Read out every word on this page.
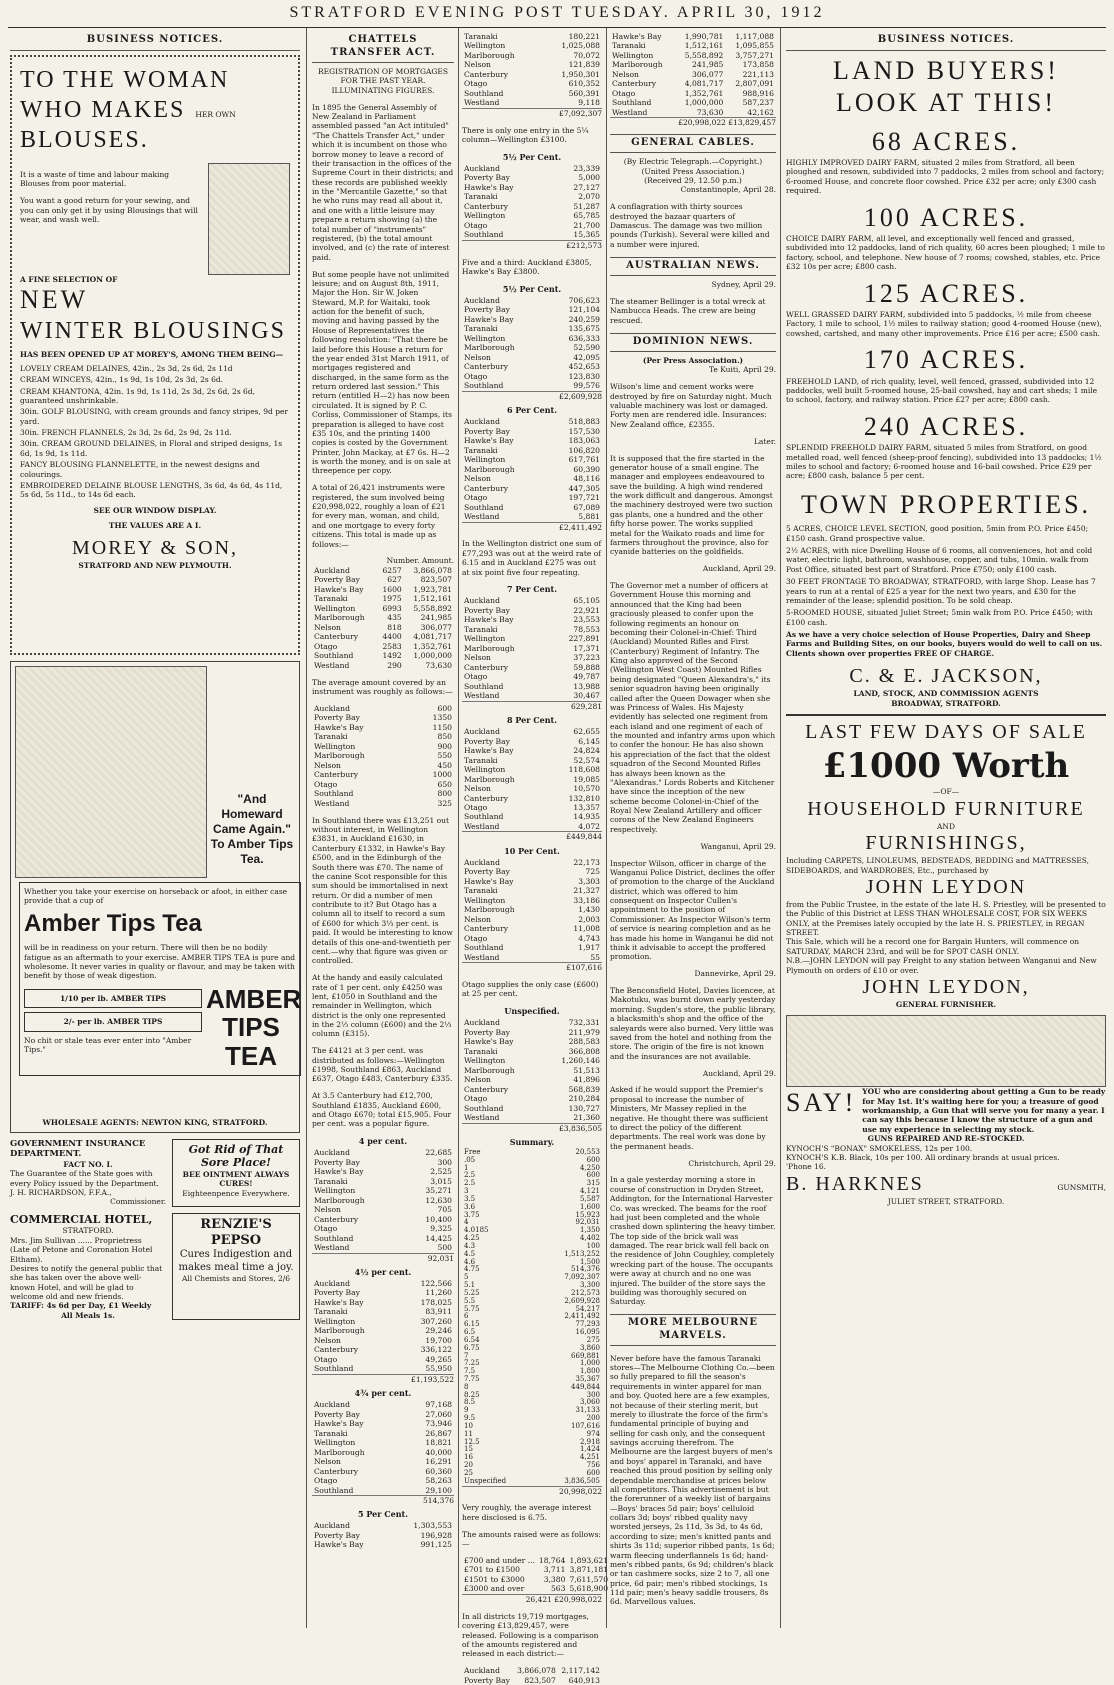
STRATFORD EVENING POST TUESDAY. APRIL 30, 1912
BUSINESS NOTICES.
TO THE WOMAN
WHO MAKES HER OWN
BLOUSES.

It is a waste of time and labour making Blouses from poor material.

You want a good return for your sewing, and you can only get it by using Blousings that will wear, and wash well.

A FINE SELECTION OF
NEW
WINTER BLOUSINGS
HAS BEEN OPENED UP AT MOREY'S, AMONG THEM BEING—

LOVELY CREAM DELAINES, 42in., 2s 3d, 2s 6d, 2s 11d

CREAM WINCEYS, 42in., 1s 9d, 1s 10d, 2s 3d, 2s 6d.

CREAM KHANTONA, 42in. 1s 9d, 1s 11d, 2s 3d, 2s 6d, 2s 6d, guaranteed unshrinkable.

30in. GOLF BLOUSING, with cream grounds and fancy stripes, 9d per yard.

30in. FRENCH FLANNELS, 2s 3d, 2s 6d, 2s 9d, 2s 11d.

30in. CREAM GROUND DELAINES, in Floral and striped designs, 1s 6d, 1s 9d, 1s 11d.

FANCY BLOUSING FLANNELETTE, in the newest designs and colourings.

EMBROIDERED DELAINE BLOUSE LENGTHS, 3s 6d, 4s 6d, 4s 11d, 5s 6d, 5s 11d., to 14s 6d each.

SEE OUR WINDOW DISPLAY.
THE VALUES ARE A I.
MOREY & SON,
STRATFORD AND NEW PLYMOUTH.
"And Homeward Came Again." To Amber Tips Tea.
Whether you take your exercise on horseback or afoot, in either case provide that a cup of
Amber Tips Tea
will be in readiness on your return. There will then be no bodily fatigue as an aftermath to your exercise. AMBER TIPS TEA is pure and wholesome. It never varies in quality or flavour, and may be taken with benefit by those of weak digestion.
1/10 per lb. AMBER TIPS
2/- per lb. AMBER TIPS
No chit or stale teas ever enter into "Amber Tips."
AMBER TIPS TEA
WHOLESALE AGENTS: NEWTON KING, STRATFORD.
GOVERNMENT INSURANCE DEPARTMENT.
FACT NO. I.
The Guarantee of the State goes with every Policy issued by the Department.
J. H. RICHARDSON, F.F.A.,
Commissioner.
Got Rid of That Sore Place!
BEE OINTMENT ALWAYS CURES!
Eighteenpence Everywhere.
COMMERCIAL HOTEL,
STRATFORD.
Mrs. Jim Sullivan ...... Proprietress
(Late of Petone and Coronation Hotel Eltham).
Desires to notify the general public that she has taken over the above well-known Hotel, and will be glad to welcome old and new friends.
TARIFF: 4s 6d per Day, £1 Weekly
All Meals 1s.
RENZIE'S PEPSO
Cures Indigestion and makes meal time a joy.
All Chemists and Stores, 2/6
CHATTELS TRANSFER ACT.
REGISTRATION OF MORTGAGES FOR THE PAST YEAR.
ILLUMINATING FIGURES.

In 1895 the General Assembly of New Zealand in Parliament assembled passed "an Act intituled" "The Chattels Transfer Act," under which it is incumbent on those who borrow money to leave a record of their transaction in the offices of the Supreme Court in their districts; and these records are published weekly in the "Mercantile Gazette," so that he who runs may read all about it, and one with a little leisure may prepare a return showing (a) the total number of "instruments" registered, (b) the total amount involved, and (c) the rate of interest paid.

But some people have not unlimited leisure; and on August 8th, 1911, Major the Hon. Sir W. Joken Steward, M.P. for Waitaki, took action for the benefit of such, moving and having passed by the House of Representatives the following resolution: "That there be laid before this House a return for the year ended 31st March 1911, of mortgages registered and discharged, in the same form as the return ordered last session." This return (entitled H—2) has now been circulated. It is signed by P. C. Corliss, Commissioner of Stamps, its preparation is alleged to have cost £35 10s, and the printing 1400 copies is costed by the Government Printer, John Mackay, at £7 6s. H—2 is worth the money, and is on sale at threepence per copy.

A total of 26,421 instruments were registered, the sum involved being £20,998,022, roughly a loan of £21 for every man, woman, and child, and one mortgage to every forty citizens. This total is made up as follows:—

Number. Amount.
Auckland	6257	3,866,078
Poverty Bay	627	823,507
Hawke's Bay	1600	1,923,781
Taranaki	1975	1,512,161
Wellington	6993	5,558,892
Marlborough	435	241,985
Nelson	818	306,077
Canterbury	4400	4,081,717
Otago	2583	1,352,761
Southland	1492	1,000,000
Westland	290	73,630

The average amount covered by an instrument was roughly as follows:—

Auckland	600
Poverty Bay	1350
Hawke's Bay	1150
Taranaki	850
Wellington	900
Marlborough	550
Nelson	450
Canterbury	1000
Otago	650
Southland	800
Westland	325

In Southland there was £13,251 out without interest, in Wellington £3831, in Auckland £1630, in Canterbury £1332, in Hawke's Bay £500, and in the Edinburgh of the South there was £70. The name of the canine Scot responsible for this sum should be immortalised in next return. Or did a number of men contribute to it? But Otago has a column all to itself to record a sum of £600 for which 3⅓ per cent. is paid. It would be interesting to know details of this one-and-twentieth per cent.—why that figure was given or controlled.

At the handy and easily calculated rate of 1 per cent. only £4250 was lent, £1050 in Southland and the remainder in Wellington, which district is the only one represented in the 2⅓ column (£600) and the 2⅓ column (£315).

The £4121 at 3 per cent. was distributed as follows:—Wellington £1998, Southland £863, Auckland £637, Otago £483, Canterbury £335.

At 3.5 Canterbury had £12,700, Southland £1835, Auckland £600, and Otago £670; total £15,905. Four per cent. was a popular figure.

4 per cent.
Auckland	22,685
Poverty Bay	300
Hawke's Bay	2,525
Taranaki	3,015
Wellington	35,271
Marlborough	12,630
Nelson	705
Canterbury	10,400
Otago	9,325
Southland	14,425
Westland	500
92,031
4½ per cent.
Auckland	122,566
Poverty Bay	11,260
Hawke's Bay	178,025
Taranaki	83,911
Wellington	307,260
Marlborough	29,246
Nelson	19,700
Canterbury	336,122
Otago	49,265
Southland	55,950
£1,193,522
4¾ per cent.
Auckland	97,168
Poverty Bay	27,060
Hawke's Bay	73,946
Taranaki	26,867
Wellington	18,821
Marlborough	40,000
Nelson	16,291
Canterbury	60,360
Otago	58,263
Southland	29,100
514,376
5 Per Cent.
Auckland	1,303,553
Poverty Bay	196,928
Hawke's Bay	991,125
Taranaki	180,221
Wellington	1,025,088
Marlborough	70,072
Nelson	121,839
Canterbury	1,950,301
Otago	610,352
Southland	560,391
Westland	9,118
£7,092,307

There is only one entry in the 5¼ column—Wellington £3100.

5½ Per Cent.
Auckland	23,339
Poverty Bay	5,000
Hawke's Bay	27,127
Taranaki	2,070
Canterbury	51,287
Wellington	65,785
Otago	21,700
Southland	15,365
£212,573

Five and a third: Auckland £3805, Hawke's Bay £3800.

5½ Per Cent.
Auckland	706,623
Poverty Bay	121,104
Hawke's Bay	240,259
Taranaki	135,675
Wellington	636,333
Marlborough	52,590
Nelson	42,095
Canterbury	452,653
Otago	123,830
Southland	99,576
£2,609,928
6 Per Cent.
Auckland	518,883
Poverty Bay	157,530
Hawke's Bay	183,063
Taranaki	106,820
Wellington	617,761
Marlborough	60,390
Nelson	48,116
Canterbury	447,305
Otago	197,721
Southland	67,089
Westland	5,881
£2,411,492

In the Wellington district one sum of £77,293 was out at the weird rate of 6.15 and in Auckland £275 was out at six point five four repeating.

7 Per Cent.
Auckland	65,105
Poverty Bay	22,921
Hawke's Bay	23,553
Taranaki	78,553
Wellington	227,891
Marlborough	17,371
Nelson	37,223
Canterbury	59,888
Otago	49,787
Southland	13,988
Westland	30,467
629,281
8 Per Cent.
Auckland	62,655
Poverty Bay	6,145
Hawke's Bay	24,824
Taranaki	52,574
Wellington	118,608
Marlborough	19,085
Nelson	10,570
Canterbury	132,810
Otago	13,357
Southland	14,935
Westland	4,072
£449,844
10 Per Cent.
Auckland	22,173
Poverty Bay	725
Hawke's Bay	3,303
Taranaki	21,327
Wellington	33,186
Marlborough	1,430
Nelson	2,003
Canterbury	11,008
Otago	4,743
Southland	1,917
Westland	55
£107,616

Otago supplies the only case (£600) at 25 per cent.

Unspecified.
Auckland	732,331
Poverty Bay	211,979
Hawke's Bay	288,583
Taranaki	366,808
Wellington	1,260,146
Marlborough	51,513
Nelson	41,896
Canterbury	568,839
Otago	210,284
Southland	130,727
Westland	21,360
£3,836,505
Summary.
Free	20,553
.05	600
1	4,250
2.5	600
2.5	315
3	4,121
3.5	5,587
3.6	1,600
3.75	15,923
4	92,031
4.0185	1,350
4.25	4,402
4.3	100
4.5	1,513,252
4.6	1,500
4.75	514,376
5	7,092,307
5.1	3,300
5.25	212,573
5.5	2,609,928
5.75	54,217
6	2,411,492
6.15	77,293
6.5	16,095
6.54	275
6.75	3,860
7	669,881
7.25	1,000
7.5	1,800
7.75	35,367
8	449,844
8.25	300
8.5	3,060
9	31,133
9.5	200
10	107,616
11	974
12.5	2,918
15	1,424
16	4,251
20	756
25	600
Unspecified	3,836,505
20,998,022

Very roughly, the average interest here disclosed is 6.75.

The amounts raised were as follows:—

£700 and under ...	18,764	1,893,621
£701 to £1500	3,711	3,871,181
£1501 to £3000	3,380	7,611,570
£3000 and over	563	5,618,900
26,421 £20,998,022

In all districts 19,719 mortgages, covering £13,829,457, were released. Following is a comparison of the amounts registered and released in each district:—

Auckland	3,866,078	2,117,142
Poverty Bay	823,507	640,913
Hawke's Bay	1,990,781	1,117,088
Taranaki	1,512,161	1,095,855
Wellington	5,558,892	3,757,271
Marlborough	241,985	173,858
Nelson	306,077	221,113
Canterbury	4,081,717	2,807,091
Otago	1,352,761	988,916
Southland	1,000,000	587,237
Westland	73,630	42,162
£20,998,022 £13,829,457
GENERAL CABLES.
(By Electric Telegraph.—Copyright.) (United Press Association.)
(Received 29, 12.50 p.m.)
Constantinople, April 28.

A conflagration with thirty sources destroyed the bazaar quarters of Damascus. The damage was two million pounds (Turkish). Several were killed and a number were injured.

AUSTRALIAN NEWS.
Sydney, April 29.

The steamer Bellinger is a total wreck at Nambucca Heads. The crew are being rescued.

DOMINION NEWS.
(Per Press Association.)
Te Kuiti, April 29.

Wilson's lime and cement works were destroyed by fire on Saturday night. Much valuable machinery was lost or damaged. Forty men are rendered idle. Insurances: New Zealand office, £2355.

Later.

It is supposed that the fire started in the generator house of a small engine. The manager and employees endeavoured to save the building. A high wind rendered the work difficult and dangerous. Amongst the machinery destroyed were two suction gas plants, one a hundred and the other fifty horse power. The works supplied metal for the Waikato roads and lime for farmers throughout the province, also for cyanide batteries on the goldfields.

Auckland, April 29.

The Governor met a number of officers at Government House this morning and announced that the King had been graciously pleased to confer upon the following regiments an honour on becoming their Colonel-in-Chief: Third (Auckland) Mounted Rifles and First (Canterbury) Regiment of Infantry. The King also approved of the Second (Wellington West Coast) Mounted Rifles being designated "Queen Alexandra's," its senior squadron having been originally called after the Queen Dowager when she was Princess of Wales. His Majesty evidently has selected one regiment from each island and one regiment of each of the mounted and infantry arms upon which to confer the honour. He has also shown his appreciation of the fact that the oldest squadron of the Second Mounted Rifles has always been known as the "Alexandras." Lords Roberts and Kitchener have since the inception of the new scheme become Colonel-in-Chief of the Royal New Zealand Artillery and officer corons of the New Zealand Engineers respectively.

Wanganui, April 29.

Inspector Wilson, officer in charge of the Wanganui Police District, declines the offer of promotion to the charge of the Auckland district, which was offered to him consequent on Inspector Cullen's appointment to the position of Commissioner. As Inspector Wilson's term of service is nearing completion and as he has made his home in Wanganui he did not think it advisable to accept the proffered promotion.

Dannevirke, April 29.

The Benconsfield Hotel, Davies licencee, at Makotuku, was burnt down early yesterday morning. Sugden's store, the public library, a blacksmith's shop and the office of the saleyards were also burned. Very little was saved from the hotel and nothing from the store. The origin of the fire is not known and the insurances are not available.

Auckland, April 29.

Asked if he would support the Premier's proposal to increase the number of Ministers, Mr Massey replied in the negative. He thought there was sufficient to direct the policy of the different departments. The real work was done by the permanent heads.

Christchurch, April 29.

In a gale yesterday morning a store in course of construction in Dryden Street, Addington, for the International Harvester Co. was wrecked. The beams for the roof had just been completed and the whole crashed down splintering the heavy timber. The top side of the brick wall was damaged. The rear brick wall fell back on the residence of John Coughley, completely wrecking part of the house. The occupants were away at church and no one was injured. The builder of the store says the building was thoroughly secured on Saturday.

MORE MELBOURNE MARVELS.

Never before have the famous Taranaki stores—The Melbourne Clothing Co.—been so fully prepared to fill the season's requirements in winter apparel for man and boy. Quoted here are a few examples, not because of their sterling merit, but merely to illustrate the force of the firm's fundamental principle of buying and selling for cash only, and the consequent savings accruing therefrom. The Melbourne are the largest buyers of men's and boys' apparel in Taranaki, and have reached this proud position by selling only dependable merchandise at prices below all competitors. This advertisement is but the forerunner of a weekly list of bargains—Boys' braces 5d pair; boys' celluloid collars 3d; boys' ribbed quality navy worsted jerseys, 2s 11d, 3s 3d, to 4s 6d, according to size; men's knitted pants and shirts 3s 11d; superior ribbed pants, 1s 6d; warm fleecing underflannels 1s 6d; hand-men's ribbed pants, 6s 9d; children's black or tan cashmere socks, size 2 to 7, all one price, 6d pair; men's ribbed stockings, 1s 11d pair; men's heavy saddle trousers, 8s 6d. Marvellous values.

BUSINESS NOTICES.
LAND BUYERS!
LOOK AT THIS!
68 ACRES.
HIGHLY IMPROVED DAIRY FARM, situated 2 miles from Stratford, all been ploughed and resown, subdivided into 7 paddocks, 2 miles from school and factory; 6-roomed House, and concrete floor cowshed. Price £32 per acre; only £300 cash required.
100 ACRES.
CHOICE DAIRY FARM, all level, and exceptionally well fenced and grassed, subdivided into 12 paddocks, land of rich quality, 60 acres been ploughed; 1 mile to factory, school, and telephone. New house of 7 rooms; cowshed, stables, etc. Price £32 10s per acre; £800 cash.
125 ACRES.
WELL GRASSED DAIRY FARM, subdivided into 5 paddocks, ½ mile from cheese Factory, 1 mile to school, 1½ miles to railway station; good 4-roomed House (new), cowshed, cartshed, and many other improvements. Price £16 per acre; £500 cash.
170 ACRES.
FREEHOLD LAND, of rich quality, level, well fenced, grassed, subdivided into 12 paddocks, well built 5-roomed house, 25-bail cowshed, hay and cart sheds; 1 mile to school, factory, and railway station. Price £27 per acre; £800 cash.
240 ACRES.
SPLENDID FREEHOLD DAIRY FARM, situated 5 miles from Stratford, on good metalled road, well fenced (sheep-proof fencing), subdivided into 13 paddocks; 1½ miles to school and factory; 6-roomed house and 16-bail cowshed. Price £29 per acre; £800 cash, balance 5 per cent.
TOWN PROPERTIES.
5 ACRES, CHOICE LEVEL SECTION, good position, 5min from P.O. Price £450; £150 cash. Grand prospective value.
2½ ACRES, with nice Dwelling House of 6 rooms, all conveniences, hot and cold water, electric light, bathroom, washhouse, copper, and tubs, 10min. walk from Post Office, situated best part of Stratford. Price £750; only £100 cash.
30 FEET FRONTAGE TO BROADWAY, STRATFORD, with large Shop. Lease has 7 years to run at a rental of £25 a year for the next two years, and £30 for the remainder of the lease; splendid position. To be sold cheap.
5-ROOMED HOUSE, situated Juliet Street; 5min walk from P.O. Price £450; with £100 cash.
As we have a very choice selection of House Properties, Dairy and Sheep Farms and Building Sites, on our books, buyers would do well to call on us. Clients shown over properties FREE OF CHARGE.
C. & E. JACKSON,
LAND, STOCK, AND COMMISSION AGENTS
BROADWAY, STRATFORD.
LAST FEW DAYS OF SALE
£1000 Worth
—OF—
HOUSEHOLD FURNITURE
AND
FURNISHINGS,
Including CARPETS, LINOLEUMS, BEDSTEADS, BEDDING and MATTRESSES, SIDEBOARDS, and WARDROBES, Etc., purchased by
JOHN LEYDON
from the Public Trustee, in the estate of the late H. S. Priestley, will be presented to the Public of this District at LESS THAN WHOLESALE COST, FOR SIX WEEKS ONLY, at the Premises lately occupied by the late H. S. PRIESTLEY, in REGAN STREET.
This Sale, which will be a record one for Bargain Hunters, will commence on SATURDAY, MARCH 23rd, and will be for SPOT CASH ONLY.
N.B.—JOHN LEYDON will pay Freight to any station between Wanganui and New Plymouth on orders of £10 or over.
JOHN LEYDON,
GENERAL FURNISHER.
SAY! YOU who are considering about getting a Gun to be ready for May 1st. It's waiting here for you; a treasure of good workmanship, a Gun that will serve you for many a year. I can say this because I know the structure of a gun and use my experience in selecting my stock.
GUNS REPAIRED AND RE-STOCKED.
KYNOCH'S "BONAX" SMOKELESS, 12s per 100.
KYNOCH'S K.B. Black, 10s per 100. All ordinary brands at usual prices.
'Phone 16.
B. HARKNES	GUNSMITH,
JULIET STREET, STRATFORD.
